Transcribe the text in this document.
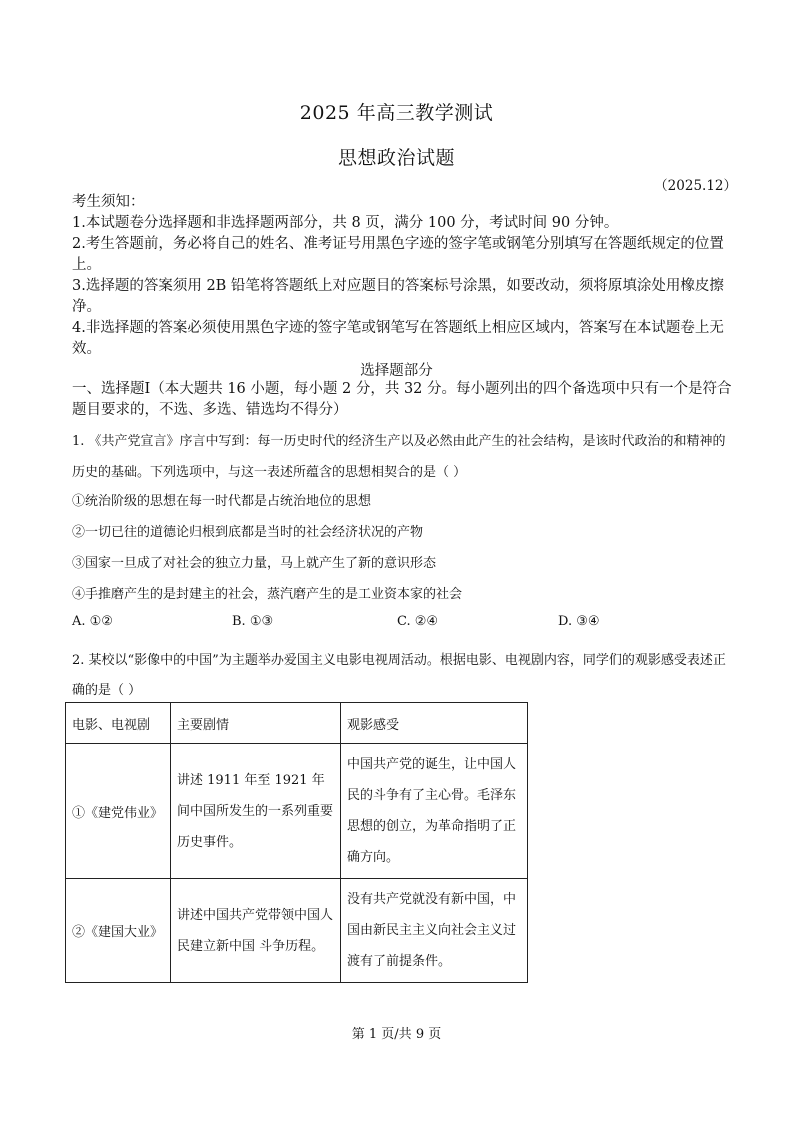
2025 年高三教学测试
思想政治试题
（2025.12）
考生须知：
1.本试题卷分选择题和非选择题两部分，共 8 页，满分 100 分，考试时间 90 分钟。
2.考生答题前，务必将自己的姓名、准考证号用黑色字迹的签字笔或钢笔分别填写在答题纸规定的位置上。
3.选择题的答案须用 2B 铅笔将答题纸上对应题目的答案标号涂黑，如要改动，须将原填涂处用橡皮擦净。
4.非选择题的答案必须使用黑色字迹的签字笔或钢笔写在答题纸上相应区域内，答案写在本试题卷上无效。
选择题部分
一、选择题Ⅰ（本大题共 16 小题，每小题 2 分，共 32 分。每小题列出的四个备选项中只有一个是符合题目要求的，不选、多选、错选均不得分）
1. 《共产党宣言》序言中写到：每一历史时代的经济生产以及必然由此产生的社会结构，是该时代政治的和精神的历史的基础。下列选项中，与这一表述所蕴含的思想相契合的是（ ）
①统治阶级的思想在每一时代都是占统治地位的思想
②一切已往的道德论归根到底都是当时的社会经济状况的产物
③国家一旦成了对社会的独立力量，马上就产生了新的意识形态
④手推磨产生的是封建主的社会，蒸汽磨产生的是工业资本家的社会
A. ①②	B. ①③	C. ②④	D. ③④
2. 某校以“影像中的中国”为主题举办爱国主义电影电视周活动。根据电影、电视剧内容，同学们的观影感受表述正确的是（ ）
电影、电视剧	主要剧情	观影感受
①《建党伟业》	讲述 1911 年至 1921 年间中国所发生的一系列重要历史事件。	中国共产党的诞生，让中国人民的斗争有了主心骨。毛泽东思想的创立，为革命指明了正确方向。
②《建国大业》	讲述中国共产党带领中国人民建立新中国 斗争历程。	没有共产党就没有新中国，中国由新民主主义向社会主义过渡有了前提条件。
第 1 页/共 9 页
